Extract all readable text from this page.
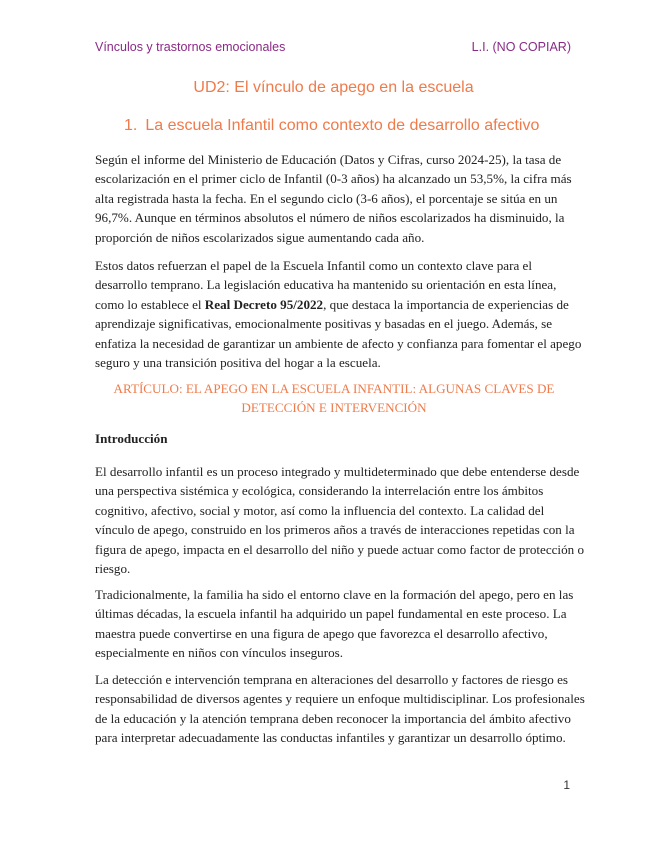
Vínculos y trastornos emocionales	L.I. (NO COPIAR)
UD2: El vínculo de apego en la escuela
1. La escuela Infantil como contexto de desarrollo afectivo

Según el informe del Ministerio de Educación (Datos y Cifras, curso 2024-25), la tasa de escolarización en el primer ciclo de Infantil (0-3 años) ha alcanzado un 53,5%, la cifra más alta registrada hasta la fecha. En el segundo ciclo (3-6 años), el porcentaje se sitúa en un 96,7%. Aunque en términos absolutos el número de niños escolarizados ha disminuido, la proporción de niños escolarizados sigue aumentando cada año.

Estos datos refuerzan el papel de la Escuela Infantil como un contexto clave para el desarrollo temprano. La legislación educativa ha mantenido su orientación en esta línea, como lo establece el Real Decreto 95/2022, que destaca la importancia de experiencias de aprendizaje significativas, emocionalmente positivas y basadas en el juego. Además, se enfatiza la necesidad de garantizar un ambiente de afecto y confianza para fomentar el apego seguro y una transición positiva del hogar a la escuela.

ARTÍCULO: EL APEGO EN LA ESCUELA INFANTIL: ALGUNAS CLAVES DE DETECCIÓN E INTERVENCIÓN
Introducción

El desarrollo infantil es un proceso integrado y multideterminado que debe entenderse desde una perspectiva sistémica y ecológica, considerando la interrelación entre los ámbitos cognitivo, afectivo, social y motor, así como la influencia del contexto. La calidad del vínculo de apego, construido en los primeros años a través de interacciones repetidas con la figura de apego, impacta en el desarrollo del niño y puede actuar como factor de protección o riesgo.

Tradicionalmente, la familia ha sido el entorno clave en la formación del apego, pero en las últimas décadas, la escuela infantil ha adquirido un papel fundamental en este proceso. La maestra puede convertirse en una figura de apego que favorezca el desarrollo afectivo, especialmente en niños con vínculos inseguros.

La detección e intervención temprana en alteraciones del desarrollo y factores de riesgo es responsabilidad de diversos agentes y requiere un enfoque multidisciplinar. Los profesionales de la educación y la atención temprana deben reconocer la importancia del ámbito afectivo para interpretar adecuadamente las conductas infantiles y garantizar un desarrollo óptimo.

1
